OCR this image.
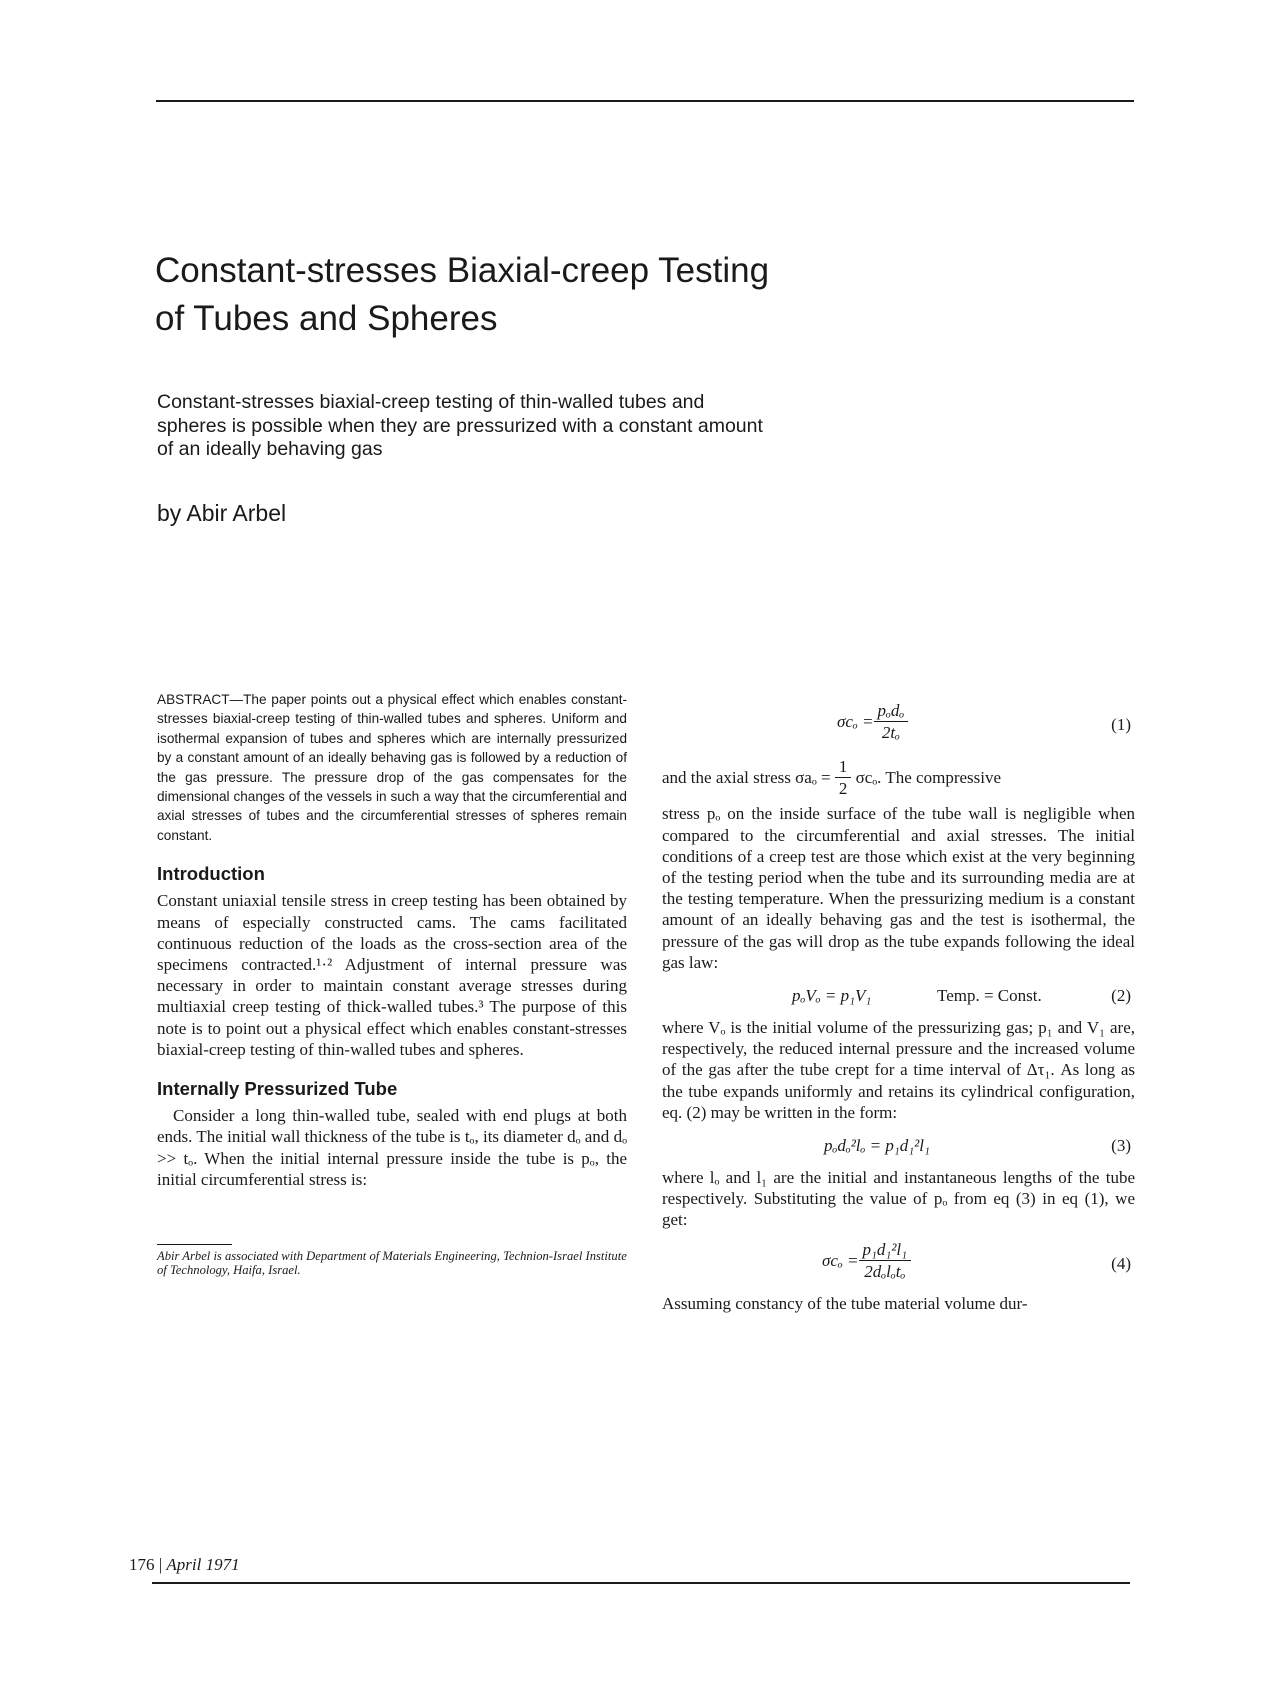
Constant-stresses Biaxial-creep Testing
of Tubes and Spheres

Constant-stresses biaxial-creep testing of thin-walled tubes and spheres is possible when they are pressurized with a constant amount of an ideally behaving gas

by Abir Arbel

ABSTRACT—The paper points out a physical effect which enables constant-stresses biaxial-creep testing of thin-walled tubes and spheres. Uniform and isothermal expansion of tubes and spheres which are internally pressurized by a constant amount of an ideally behaving gas is followed by a reduction of the gas pressure. The pressure drop of the gas compensates for the dimensional changes of the vessels in such a way that the circumferential and axial stresses of tubes and the circumferential stresses of spheres remain constant.

Introduction

Constant uniaxial tensile stress in creep testing has been obtained by means of especially constructed cams. The cams facilitated continuous reduction of the loads as the cross-section area of the specimens contracted.¹·² Adjustment of internal pressure was necessary in order to maintain constant average stresses during multiaxial creep testing of thick-walled tubes.³ The purpose of this note is to point out a physical effect which enables constant-stresses biaxial-creep testing of thin-walled tubes and spheres.

Internally Pressurized Tube

Consider a long thin-walled tube, sealed with end plugs at both ends. The initial wall thickness of the tube is tₒ, its diameter dₒ and dₒ >> tₒ. When the initial internal pressure inside the tube is pₒ, the initial circumferential stress is:

Abir Arbel is associated with Department of Materials Engineering, Technion-Israel Institute of Technology, Haifa, Israel.

$\sigma c_o = \frac{\text{pₒdₒ}}{\text{2tₒ}}$	(1)
and the axial stress σaₒ =
$\frac{1}{2}$
σcₒ. The compressive

stress pₒ on the inside surface of the tube wall is negligible when compared to the circumferential and axial stresses. The initial conditions of a creep test are those which exist at the very beginning of the testing period when the tube and its surrounding media are at the testing temperature. When the pressurizing medium is a constant amount of an ideally behaving gas and the test is isothermal, the pressure of the gas will drop as the tube expands following the ideal gas law:

pₒVₒ = p₁V₁	Temp. = Const.	(2)

where Vₒ is the initial volume of the pressurizing gas; p₁ and V₁ are, respectively, the reduced internal pressure and the increased volume of the gas after the tube crept for a time interval of Δτ₁. As long as the tube expands uniformly and retains its cylindrical configuration, eq. (2) may be written in the form:

pₒdₒ²lₒ = p₁d₁²l₁	(3)

where lₒ and l₁ are the initial and instantaneous lengths of the tube respectively. Substituting the value of pₒ from eq (3) in eq (1), we get:

$\sigma c_o = \frac{\text{p₁d₁²l₁}}{\text{2dₒlₒtₒ}}$	(4)

Assuming constancy of the tube material volume dur-

176 | April 1971
